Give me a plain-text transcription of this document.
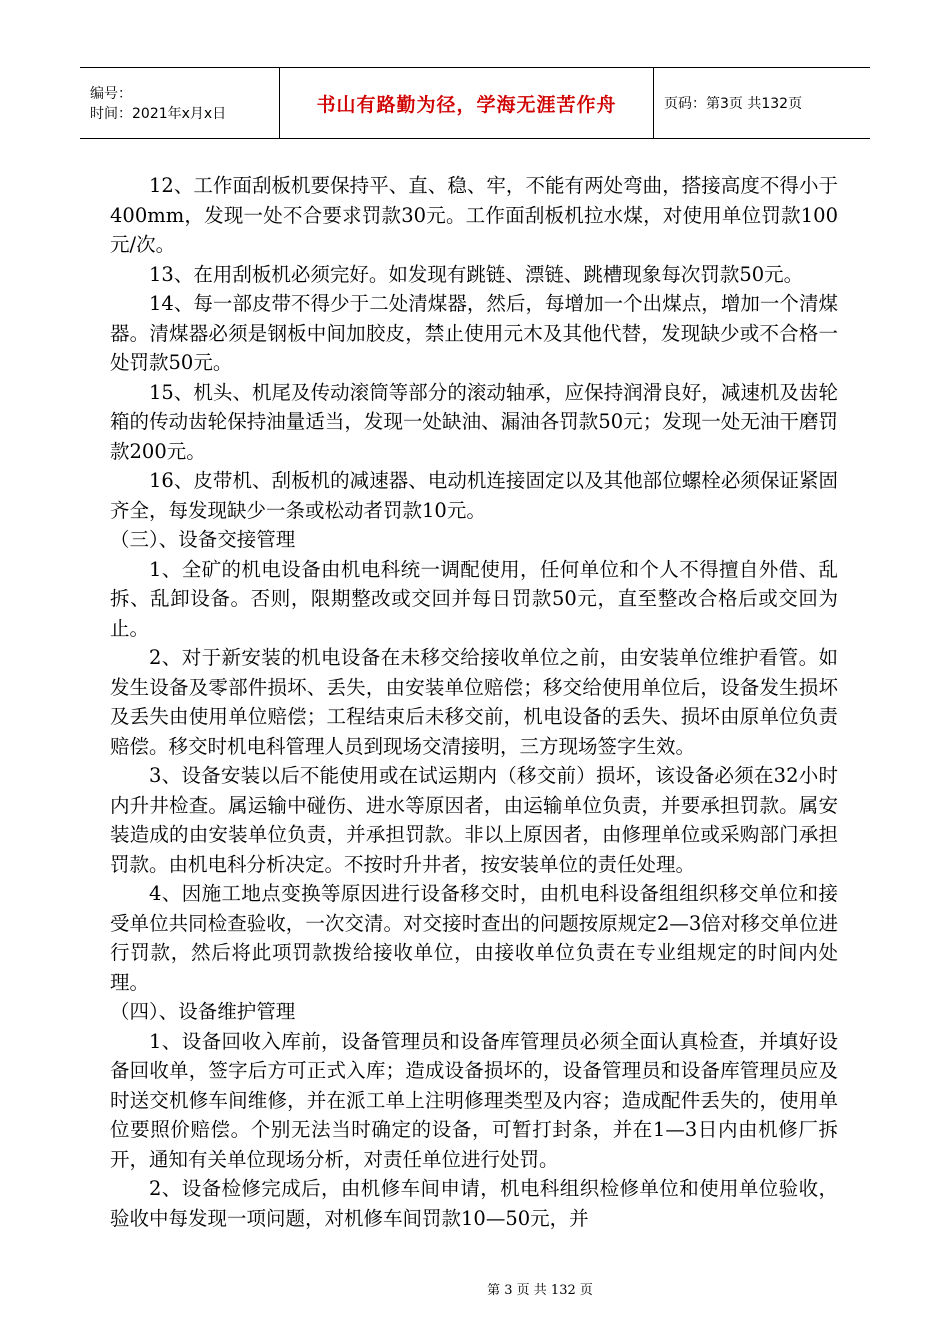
编号：
时间：2021年x月x日	书山有路勤为径，学海无涯苦作舟	页码：第3页 共132页

12、工作面刮板机要保持平、直、稳、牢，不能有两处弯曲，搭接高度不得小于400mm，发现一处不合要求罚款30元。工作面刮板机拉水煤，对使用单位罚款100元/次。

13、在用刮板机必须完好。如发现有跳链、漂链、跳槽现象每次罚款50元。

14、每一部皮带不得少于二处清煤器，然后，每增加一个出煤点，增加一个清煤器。清煤器必须是钢板中间加胶皮，禁止使用元木及其他代替，发现缺少或不合格一处罚款50元。

15、机头、机尾及传动滚筒等部分的滚动轴承，应保持润滑良好，减速机及齿轮箱的传动齿轮保持油量适当，发现一处缺油、漏油各罚款50元；发现一处无油干磨罚款200元。

16、皮带机、刮板机的减速器、电动机连接固定以及其他部位螺栓必须保证紧固齐全，每发现缺少一条或松动者罚款10元。

（三）、设备交接管理

1、全矿的机电设备由机电科统一调配使用，任何单位和个人不得擅自外借、乱拆、乱卸设备。否则，限期整改或交回并每日罚款50元，直至整改合格后或交回为止。

2、对于新安装的机电设备在未移交给接收单位之前，由安装单位维护看管。如发生设备及零部件损坏、丢失，由安装单位赔偿；移交给使用单位后，设备发生损坏及丢失由使用单位赔偿；工程结束后未移交前，机电设备的丢失、损坏由原单位负责赔偿。移交时机电科管理人员到现场交清接明，三方现场签字生效。

3、设备安装以后不能使用或在试运期内（移交前）损坏，该设备必须在32小时内升井检查。属运输中碰伤、进水等原因者，由运输单位负责，并要承担罚款。属安装造成的由安装单位负责，并承担罚款。非以上原因者，由修理单位或采购部门承担罚款。由机电科分析决定。不按时升井者，按安装单位的责任处理。

4、因施工地点变换等原因进行设备移交时，由机电科设备组组织移交单位和接受单位共同检查验收，一次交清。对交接时查出的问题按原规定2—3倍对移交单位进行罚款，然后将此项罚款拨给接收单位，由接收单位负责在专业组规定的时间内处理。

（四）、设备维护管理

1、设备回收入库前，设备管理员和设备库管理员必须全面认真检查，并填好设备回收单，签字后方可正式入库；造成设备损坏的，设备管理员和设备库管理员应及时送交机修车间维修，并在派工单上注明修理类型及内容；造成配件丢失的，使用单位要照价赔偿。个别无法当时确定的设备，可暂打封条，并在1—3日内由机修厂拆开，通知有关单位现场分析，对责任单位进行处罚。

2、设备检修完成后，由机修车间申请，机电科组织检修单位和使用单位验收，验收中每发现一项问题，对机修车间罚款10—50元，并

第 3 页 共 132 页
